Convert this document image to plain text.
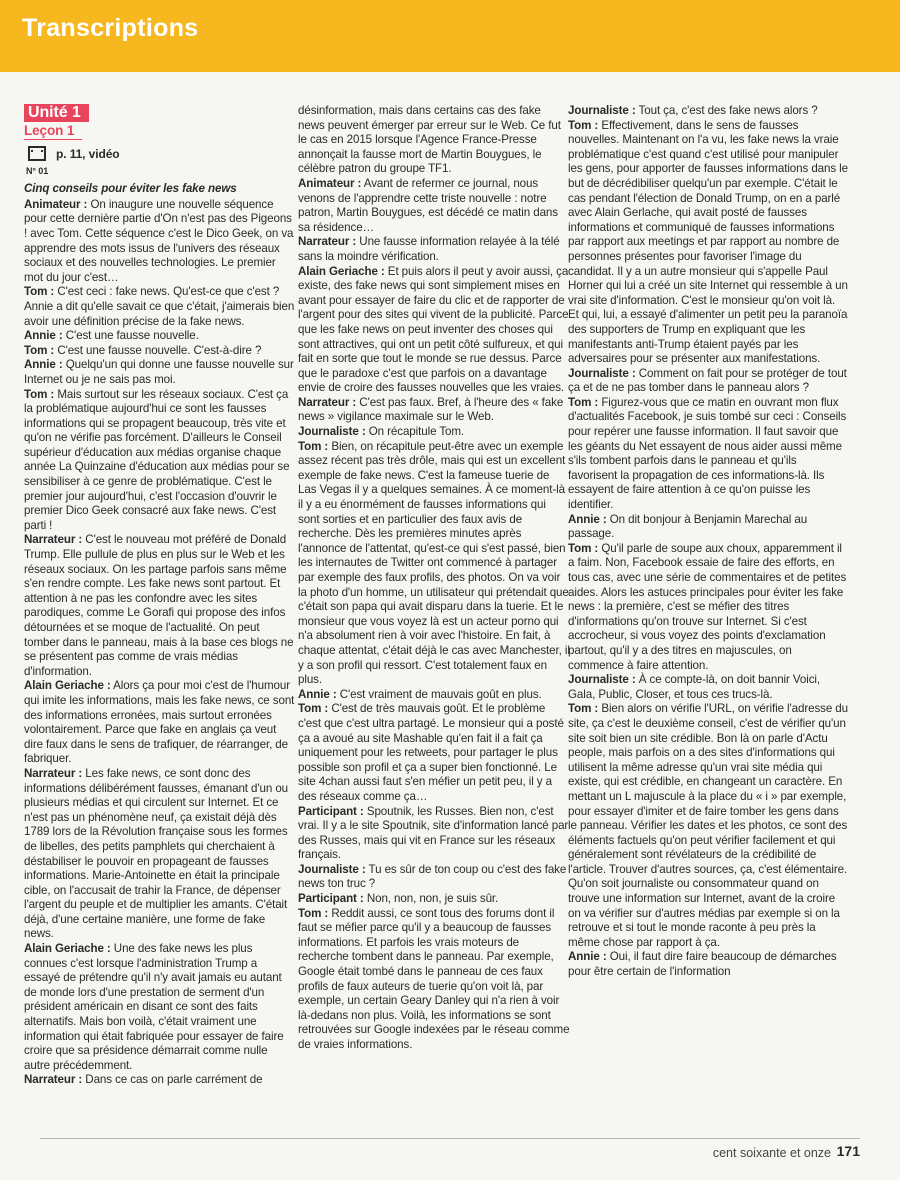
Transcriptions
Unité 1
Leçon 1
p. 11, vidéo
N° 01
Cinq conseils pour éviter les fake news

Animateur : On inaugure une nouvelle séquence pour cette dernière partie d'On n'est pas des Pigeons ! avec Tom. Cette séquence c'est le Dico Geek, on va apprendre des mots issus de l'univers des réseaux sociaux et des nouvelles technologies. Le premier mot du jour c'est…

Tom : C'est ceci : fake news. Qu'est-ce que c'est ? Annie a dit qu'elle savait ce que c'était, j'aimerais bien avoir une définition précise de la fake news.

Annie : C'est une fausse nouvelle.

Tom : C'est une fausse nouvelle. C'est-à-dire ?

Annie : Quelqu'un qui donne une fausse nouvelle sur Internet ou je ne sais pas moi.

Tom : Mais surtout sur les réseaux sociaux. C'est ça la problématique aujourd'hui ce sont les fausses informations qui se propagent beaucoup, très vite et qu'on ne vérifie pas forcément. D'ailleurs le Conseil supérieur d'éducation aux médias organise chaque année La Quinzaine d'éducation aux médias pour se sensibiliser à ce genre de problématique. C'est le premier jour aujourd'hui, c'est l'occasion d'ouvrir le premier Dico Geek consacré aux fake news. C'est parti !

Narrateur : C'est le nouveau mot préféré de Donald Trump. Elle pullule de plus en plus sur le Web et les réseaux sociaux. On les partage parfois sans même s'en rendre compte. Les fake news sont partout. Et attention à ne pas les confondre avec les sites parodiques, comme Le Gorafi qui propose des infos détournées et se moque de l'actualité. On peut tomber dans le panneau, mais à la base ces blogs ne se présentent pas comme de vrais médias d'information.

Alain Geriache : Alors ça pour moi c'est de l'humour qui imite les informations, mais les fake news, ce sont des informations erronées, mais surtout erronées volontairement. Parce que fake en anglais ça veut dire faux dans le sens de trafiquer, de réarranger, de fabriquer.

Narrateur : Les fake news, ce sont donc des informations délibérément fausses, émanant d'un ou plusieurs médias et qui circulent sur Internet. Et ce n'est pas un phénomène neuf, ça existait déjà dès 1789 lors de la Révolution française sous les formes de libelles, des petits pamphlets qui cherchaient à déstabiliser le pouvoir en propageant de fausses informations. Marie-Antoinette en était la principale cible, on l'accusait de trahir la France, de dépenser l'argent du peuple et de multiplier les amants. C'était déjà, d'une certaine manière, une forme de fake news.

Alain Geriache : Une des fake news les plus connues c'est lorsque l'administration Trump a essayé de prétendre qu'il n'y avait jamais eu autant de monde lors d'une prestation de serment d'un président américain en disant ce sont des faits alternatifs. Mais bon voilà, c'était vraiment une information qui était fabriquée pour essayer de faire croire que sa présidence démarrait comme nulle autre précédemment.

Narrateur : Dans ce cas on parle carrément de

désinformation, mais dans certains cas des fake news peuvent émerger par erreur sur le Web. Ce fut le cas en 2015 lorsque l'Agence France-Presse annonçait la fausse mort de Martin Bouygues, le célèbre patron du groupe TF1.

Animateur : Avant de refermer ce journal, nous venons de l'apprendre cette triste nouvelle : notre patron, Martin Bouygues, est décédé ce matin dans sa résidence…

Narrateur : Une fausse information relayée à la télé sans la moindre vérification.

Alain Geriache : Et puis alors il peut y avoir aussi, ça existe, des fake news qui sont simplement mises en avant pour essayer de faire du clic et de rapporter de l'argent pour des sites qui vivent de la publicité. Parce que les fake news on peut inventer des choses qui sont attractives, qui ont un petit côté sulfureux, et qui fait en sorte que tout le monde se rue dessus. Parce que le paradoxe c'est que parfois on a davantage envie de croire des fausses nouvelles que les vraies.

Narrateur : C'est pas faux. Bref, à l'heure des « fake news » vigilance maximale sur le Web.

Journaliste : On récapitule Tom.

Tom : Bien, on récapitule peut-être avec un exemple assez récent pas très drôle, mais qui est un excellent exemple de fake news. C'est la fameuse tuerie de Las Vegas il y a quelques semaines. À ce moment-là il y a eu énormément de fausses informations qui sont sorties et en particulier des faux avis de recherche. Dès les premières minutes après l'annonce de l'attentat, qu'est-ce qui s'est passé, bien les internautes de Twitter ont commencé à partager par exemple des faux profils, des photos. On va voir la photo d'un homme, un utilisateur qui prétendait que c'était son papa qui avait disparu dans la tuerie. Et le monsieur que vous voyez là est un acteur porno qui n'a absolument rien à voir avec l'histoire. En fait, à chaque attentat, c'était déjà le cas avec Manchester, il y a son profil qui ressort. C'est totalement faux en plus.

Annie : C'est vraiment de mauvais goût en plus.

Tom : C'est de très mauvais goût. Et le problème c'est que c'est ultra partagé. Le monsieur qui a posté ça a avoué au site Mashable qu'en fait il a fait ça uniquement pour les retweets, pour partager le plus possible son profil et ça a super bien fonctionné. Le site 4chan aussi faut s'en méfier un petit peu, il y a des réseaux comme ça…

Participant : Spoutnik, les Russes. Bien non, c'est vrai. Il y a le site Spoutnik, site d'information lancé par des Russes, mais qui vit en France sur les réseaux français.

Journaliste : Tu es sûr de ton coup ou c'est des fake news ton truc ?

Participant : Non, non, non, je suis sûr.

Tom : Reddit aussi, ce sont tous des forums dont il faut se méfier parce qu'il y a beaucoup de fausses informations. Et parfois les vrais moteurs de recherche tombent dans le panneau. Par exemple, Google était tombé dans le panneau de ces faux profils de faux auteurs de tuerie qu'on voit là, par exemple, un certain Geary Danley qui n'a rien à voir là-dedans non plus. Voilà, les informations se sont retrouvées sur Google indexées par le réseau comme de vraies informations.

Journaliste : Tout ça, c'est des fake news alors ?

Tom : Effectivement, dans le sens de fausses nouvelles. Maintenant on l'a vu, les fake news la vraie problématique c'est quand c'est utilisé pour manipuler les gens, pour apporter de fausses informations dans le but de décrédibiliser quelqu'un par exemple. C'était le cas pendant l'élection de Donald Trump, on en a parlé avec Alain Gerlache, qui avait posté de fausses informations et communiqué de fausses informations par rapport aux meetings et par rapport au nombre de personnes présentes pour favoriser l'image du candidat. Il y a un autre monsieur qui s'appelle Paul Horner qui lui a créé un site Internet qui ressemble à un vrai site d'information. C'est le monsieur qu'on voit là. Et qui, lui, a essayé d'alimenter un petit peu la paranoïa des supporters de Trump en expliquant que les manifestants anti-Trump étaient payés par les adversaires pour se présenter aux manifestations.

Journaliste : Comment on fait pour se protéger de tout ça et de ne pas tomber dans le panneau alors ?

Tom : Figurez-vous que ce matin en ouvrant mon flux d'actualités Facebook, je suis tombé sur ceci : Conseils pour repérer une fausse information. Il faut savoir que les géants du Net essayent de nous aider aussi même s'ils tombent parfois dans le panneau et qu'ils favorisent la propagation de ces informations-là. Ils essayent de faire attention à ce qu'on puisse les identifier.

Annie : On dit bonjour à Benjamin Marechal au passage.

Tom : Qu'il parle de soupe aux choux, apparemment il a faim. Non, Facebook essaie de faire des efforts, en tous cas, avec une série de commentaires et de petites aides. Alors les astuces principales pour éviter les fake news : la première, c'est se méfier des titres d'informations qu'on trouve sur Internet. Si c'est accrocheur, si vous voyez des points d'exclamation partout, qu'il y a des titres en majuscules, on commence à faire attention.

Journaliste : À ce compte-là, on doit bannir Voici, Gala, Public, Closer, et tous ces trucs-là.

Tom : Bien alors on vérifie l'URL, on vérifie l'adresse du site, ça c'est le deuxième conseil, c'est de vérifier qu'un site soit bien un site crédible. Bon là on parle d'Actu people, mais parfois on a des sites d'informations qui utilisent la même adresse qu'un vrai site média qui existe, qui est crédible, en changeant un caractère. En mettant un L majuscule à la place du « i » par exemple, pour essayer d'imiter et de faire tomber les gens dans le panneau. Vérifier les dates et les photos, ce sont des éléments factuels qu'on peut vérifier facilement et qui généralement sont révélateurs de la crédibilité de l'article. Trouver d'autres sources, ça, c'est élémentaire. Qu'on soit journaliste ou consommateur quand on trouve une information sur Internet, avant de la croire on va vérifier sur d'autres médias par exemple si on la retrouve et si tout le monde raconte à peu près la même chose par rapport à ça.

Annie : Oui, il faut dire faire beaucoup de démarches pour être certain de l'information

cent soixante et onze 171
